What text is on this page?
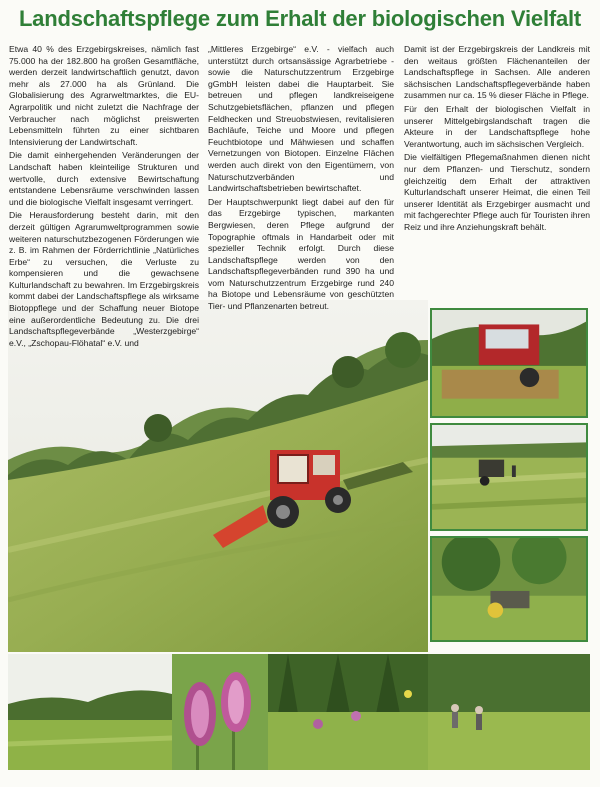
Landschaftspflege zum Erhalt der biologischen Vielfalt

Etwa 40 % des Erzgebirgskreises, nämlich fast 75.000 ha der 182.800 ha großen Gesamtfläche, werden derzeit landwirtschaftlich genutzt, davon mehr als 27.000 ha als Grünland. Die Globalisierung des Agrarweltmarktes, die EU-Agrarpolitik und nicht zuletzt die Nachfrage der Verbraucher nach möglichst preiswerten Lebensmitteln führten zu einer sichtbaren Intensivierung der Landwirtschaft.

Die damit einhergehenden Veränderungen der Landschaft haben kleinteilige Strukturen und wertvolle, durch extensive Bewirtschaftung entstandene Lebensräume verschwinden lassen und die biologische Vielfalt insgesamt verringert.

Die Herausforderung besteht darin, mit den derzeit gültigen Agrarumweltprogrammen sowie weiteren naturschutzbezogenen Förderungen wie z. B. im Rahmen der Förderrichtlinie „Natürliches Erbe“ zu versuchen, die Verluste zu kompensieren und die gewachsene Kulturlandschaft zu bewahren. Im Erzgebirgskreis kommt dabei der Landschaftspflege als wirksame Biotoppflege und der Schaffung neuer Biotope eine außerordentliche Bedeutung zu. Die drei Landschaftspflegeverbände „Westerzgebirge“ e.V., „Zschopau-Flöhatal“ e.V. und

„Mittleres Erzgebirge“ e.V. - vielfach auch unterstützt durch ortsansässige Agrarbetriebe - sowie die Naturschutzzentrum Erzgebirge gGmbH leisten dabei die Hauptarbeit. Sie betreuen und pflegen landkreiseigene Schutzgebietsflächen, pflanzen und pflegen Feldhecken und Streuobstwiesen, revitalisieren Bachläufe, Teiche und Moore und pflegen Feuchtbiotope und Mähwiesen und schaffen Vernetzungen von Biotopen. Einzelne Flächen werden auch direkt von den Eigentümern, von Naturschutzverbänden und Landwirtschaftsbetrieben bewirtschaftet.

Der Hauptschwerpunkt liegt dabei auf den für das Erzgebirge typischen, markanten Bergwiesen, deren Pflege aufgrund der Topographie oftmals in Handarbeit oder mit spezieller Technik erfolgt. Durch diese Landschaftspflege werden von den Landschaftspflegeverbänden rund 390 ha und vom Naturschutzzentrum Erzgebirge rund 240 ha Biotope und Lebensräume von geschützten Tier- und Pflanzenarten betreut.

Damit ist der Erzgebirgskreis der Landkreis mit den weitaus größten Flächenanteilen der Landschaftspflege in Sachsen. Alle anderen sächsischen Landschaftspflegeverbände haben zusammen nur ca. 15 % dieser Fläche in Pflege.

Für den Erhalt der biologischen Vielfalt in unserer Mittelgebirgslandschaft tragen die Akteure in der Landschaftspflege hohe Verantwortung, auch im sächsischen Vergleich.

Die vielfältigen Pflegemaßnahmen dienen nicht nur dem Pflanzen- und Tierschutz, sondern gleichzeitig dem Erhalt der attraktiven Kulturlandschaft unserer Heimat, die einen Teil unserer Identität als Erzgebirger ausmacht und mit fachgerechter Pflege auch für Touristen ihren Reiz und ihre Anziehungskraft behält.
